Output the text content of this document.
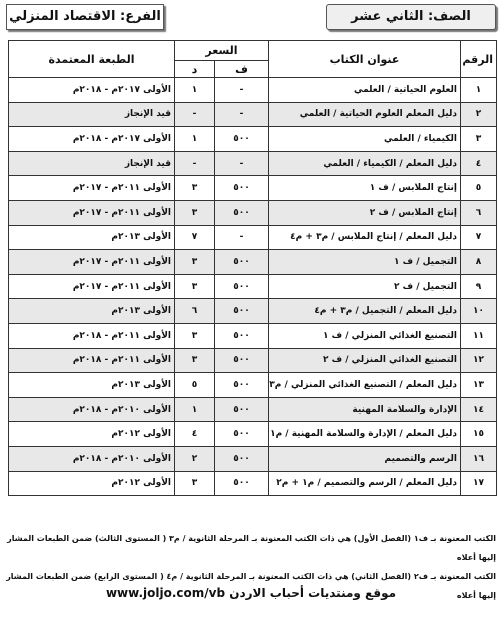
الصف: الثاني عشر
الفرع: الاقتصاد المنزلي
الرقم	عنوان الكتاب	السعر		الطبعة المعتمدة
		ف	د	
١	العلوم الحياتية / العلمي	-	١	الأولى ٢٠١٧م - ٢٠١٨م
٢	دليل المعلم العلوم الحياتية / العلمي	-	-	قيد الإنجاز
٣	الكيمياء / العلمي	٥٠٠	١	الأولى ٢٠١٧م - ٢٠١٨م
٤	دليل المعلم / الكيمياء / العلمي	-	-	قيد الإنجاز
٥	إنتاج الملابس / ف ١	٥٠٠	٣	الأولى ٢٠١١م - ٢٠١٧م
٦	إنتاج الملابس / ف ٢	٥٠٠	٣	الأولى ٢٠١١م - ٢٠١٧م
٧	دليل المعلم / إنتاج الملابس / م٣ + م٤	-	٧	الأولى ٢٠١٣م
٨	التجميل / ف ١	٥٠٠	٣	الأولى ٢٠١١م - ٢٠١٧م
٩	التجميل / ف ٢	٥٠٠	٣	الأولى ٢٠١١م - ٢٠١٧م
١٠	دليل المعلم / التجميل / م٣ + م٤	٥٠٠	٦	الأولى ٢٠١٣م
١١	التصنيع الغذائي المنزلي / ف ١	٥٠٠	٣	الأولى ٢٠١١م - ٢٠١٨م
١٢	التصنيع الغذائي المنزلي / ف ٢	٥٠٠	٣	الأولى ٢٠١١م - ٢٠١٨م
١٣	دليل المعلم / التصنيع الغذائي المنزلي / م٣	٥٠٠	٥	الأولى ٢٠١٣م
١٤	الإدارة والسلامة المهنية	٥٠٠	١	الأولى ٢٠١٠م - ٢٠١٨م
١٥	دليل المعلم / الإدارة والسلامة المهنية / م١	٥٠٠	٤	الأولى ٢٠١٢م
١٦	الرسم والتصميم	٥٠٠	٢	الأولى ٢٠١٠م - ٢٠١٨م
١٧	دليل المعلم / الرسم والتصميم / م١ + م٢	٥٠٠	٣	الأولى ٢٠١٢م
الكتب المعنونة بـ ف١ (الفصل الأول) هي ذات الكتب المعنونة بـ المرحلة الثانوية / م٣ ( المستوى الثالث) ضمن الطبعات المشار إليها أعلاه
الكتب المعنونة بـ ف٢ (الفصل الثاني) هي ذات الكتب المعنونة بـ المرحلة الثانوية / م٤ ( المستوى الرابع) ضمن الطبعات المشار إليها أعلاه
www.joljo.com/vb موقع ومنتديات أحباب الاردن
